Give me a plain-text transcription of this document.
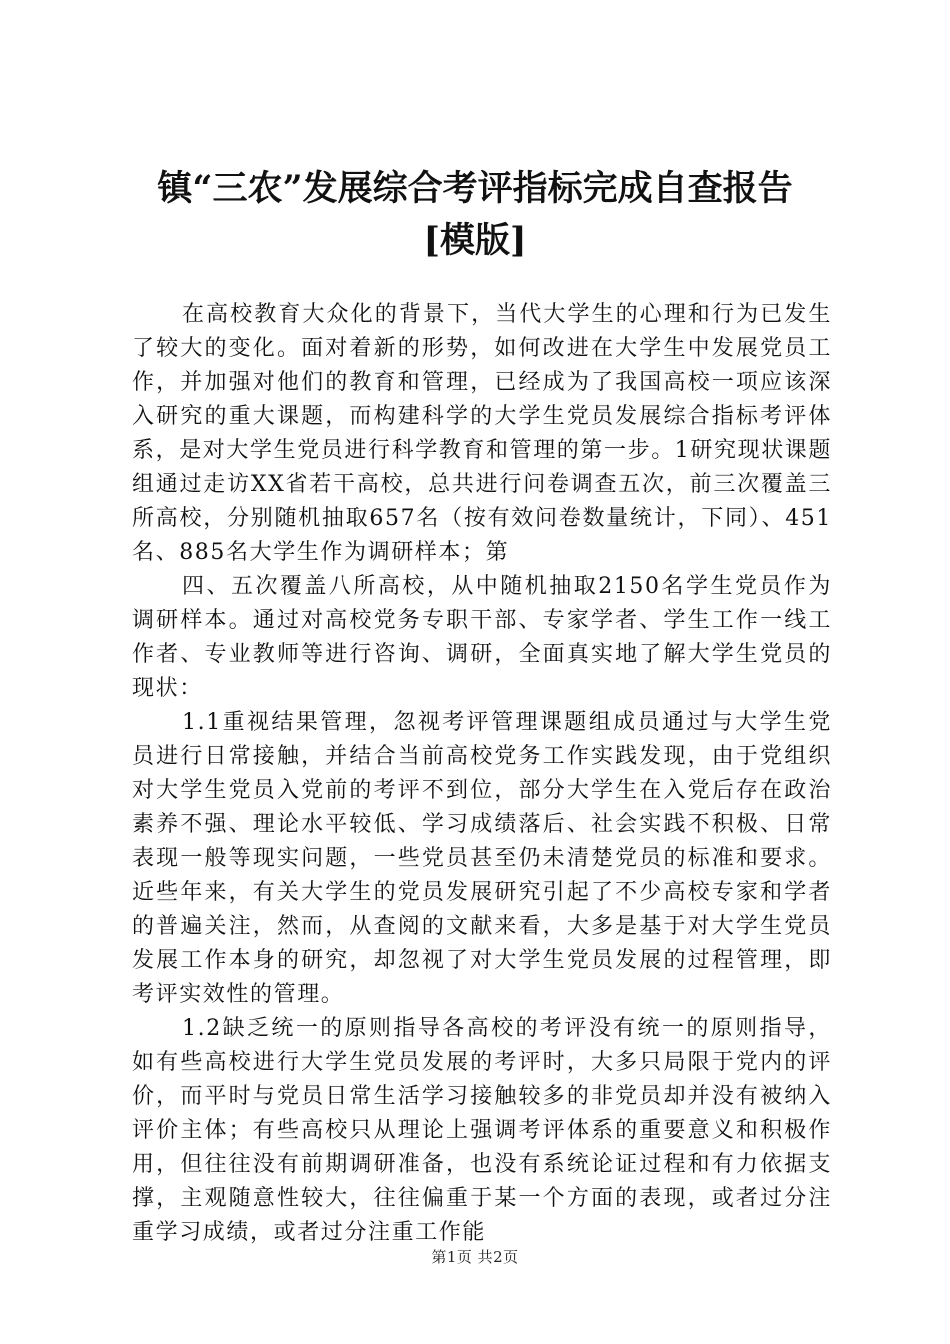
镇“三农”发展综合考评指标完成自查报告
[模版]

在高校教育大众化的背景下，当代大学生的心理和行为已发生了较大的变化。面对着新的形势，如何改进在大学生中发展党员工作，并加强对他们的教育和管理，已经成为了我国高校一项应该深入研究的重大课题，而构建科学的大学生党员发展综合指标考评体系，是对大学生党员进行科学教育和管理的第一步。1研究现状课题组通过走访XX省若干高校，总共进行问卷调查五次，前三次覆盖三所高校，分别随机抽取657名（按有效问卷数量统计，下同）、451名、885名大学生作为调研样本；第

四、五次覆盖八所高校，从中随机抽取2150名学生党员作为调研样本。通过对高校党务专职干部、专家学者、学生工作一线工作者、专业教师等进行咨询、调研，全面真实地了解大学生党员的现状：

1.1重视结果管理，忽视考评管理课题组成员通过与大学生党员进行日常接触，并结合当前高校党务工作实践发现，由于党组织对大学生党员入党前的考评不到位，部分大学生在入党后存在政治素养不强、理论水平较低、学习成绩落后、社会实践不积极、日常表现一般等现实问题，一些党员甚至仍未清楚党员的标准和要求。近些年来，有关大学生的党员发展研究引起了不少高校专家和学者的普遍关注，然而，从查阅的文献来看，大多是基于对大学生党员发展工作本身的研究，却忽视了对大学生党员发展的过程管理，即考评实效性的管理。

1.2缺乏统一的原则指导各高校的考评没有统一的原则指导，如有些高校进行大学生党员发展的考评时，大多只局限于党内的评价，而平时与党员日常生活学习接触较多的非党员却并没有被纳入评价主体；有些高校只从理论上强调考评体系的重要意义和积极作用，但往往没有前期调研准备，也没有系统论证过程和有力依据支撑，主观随意性较大，往往偏重于某一个方面的表现，或者过分注重学习成绩，或者过分注重工作能

第1页 共2页
